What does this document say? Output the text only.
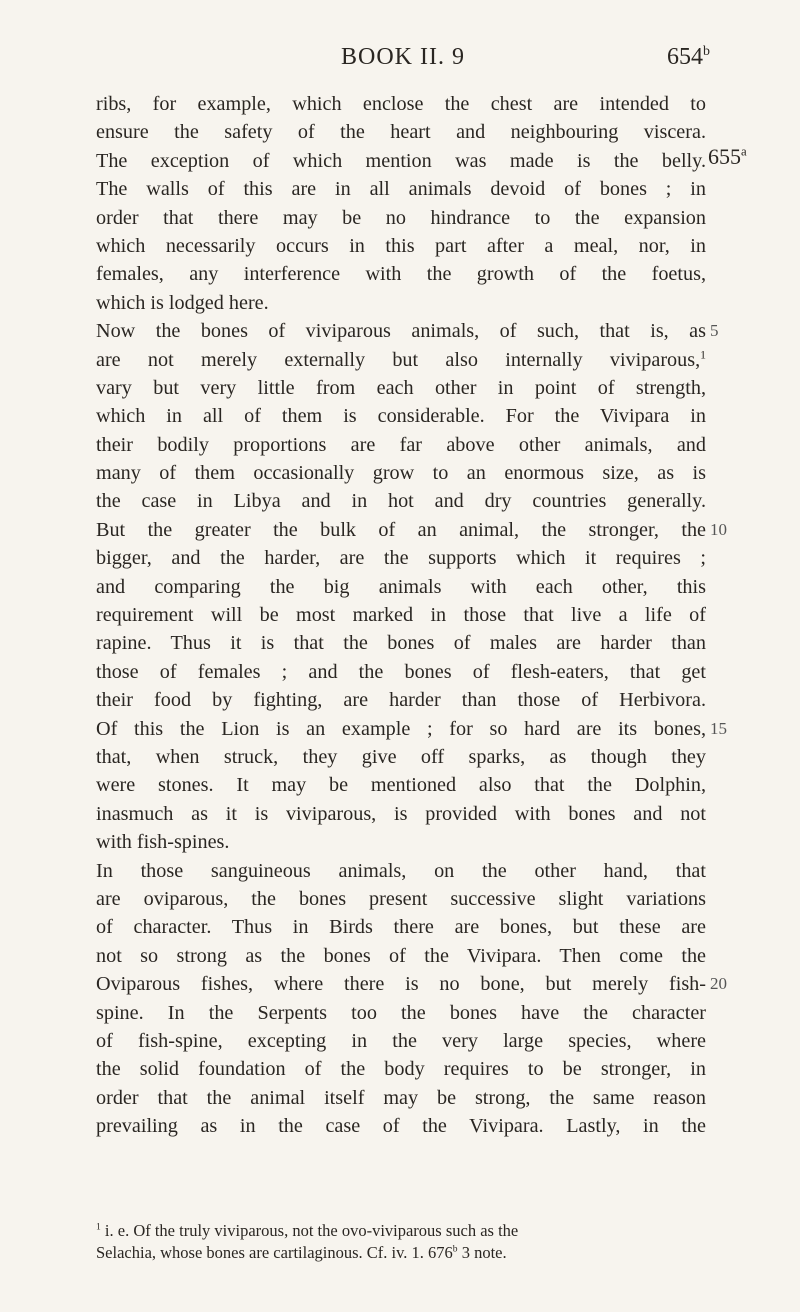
BOOK II. 9	654$^b$
ribs, for example, which enclose the chest are intended to
ensure the safety of the heart and neighbouring viscera.
The exception of which mention was made is the belly. 655$^a$
The walls of this are in all animals devoid of bones ; in
order that there may be no hindrance to the expansion
which necessarily occurs in this part after a meal, nor, in
females, any interference with the growth of the foetus,
which is lodged here.
Now the bones of viviparous animals, of such, that is, as 5
are not merely externally but also internally viviparous,$^1$
vary but very little from each other in point of strength,
which in all of them is considerable. For the Vivipara in
their bodily proportions are far above other animals, and
many of them occasionally grow to an enormous size, as is
the case in Libya and in hot and dry countries generally.
But the greater the bulk of an animal, the stronger, the 10
bigger, and the harder, are the supports which it requires ;
and comparing the big animals with each other, this
requirement will be most marked in those that live a life of
rapine. Thus it is that the bones of males are harder than
those of females ; and the bones of flesh-eaters, that get
their food by fighting, are harder than those of Herbivora.
Of this the Lion is an example ; for so hard are its bones, 15
that, when struck, they give off sparks, as though they
were stones. It may be mentioned also that the Dolphin,
inasmuch as it is viviparous, is provided with bones and not
with fish-spines.
In those sanguineous animals, on the other hand, that
are oviparous, the bones present successive slight variations
of character. Thus in Birds there are bones, but these are
not so strong as the bones of the Vivipara. Then come the
Oviparous fishes, where there is no bone, but merely fish- 20
spine. In the Serpents too the bones have the character
of fish-spine, excepting in the very large species, where
the solid foundation of the body requires to be stronger, in
order that the animal itself may be strong, the same reason
prevailing as in the case of the Vivipara. Lastly, in the
$^1$ i. e. Of the truly viviparous, not the ovo-viviparous such as the
Selachia, whose bones are cartilaginous. Cf. iv. 1. 676$^b$ 3 note.
